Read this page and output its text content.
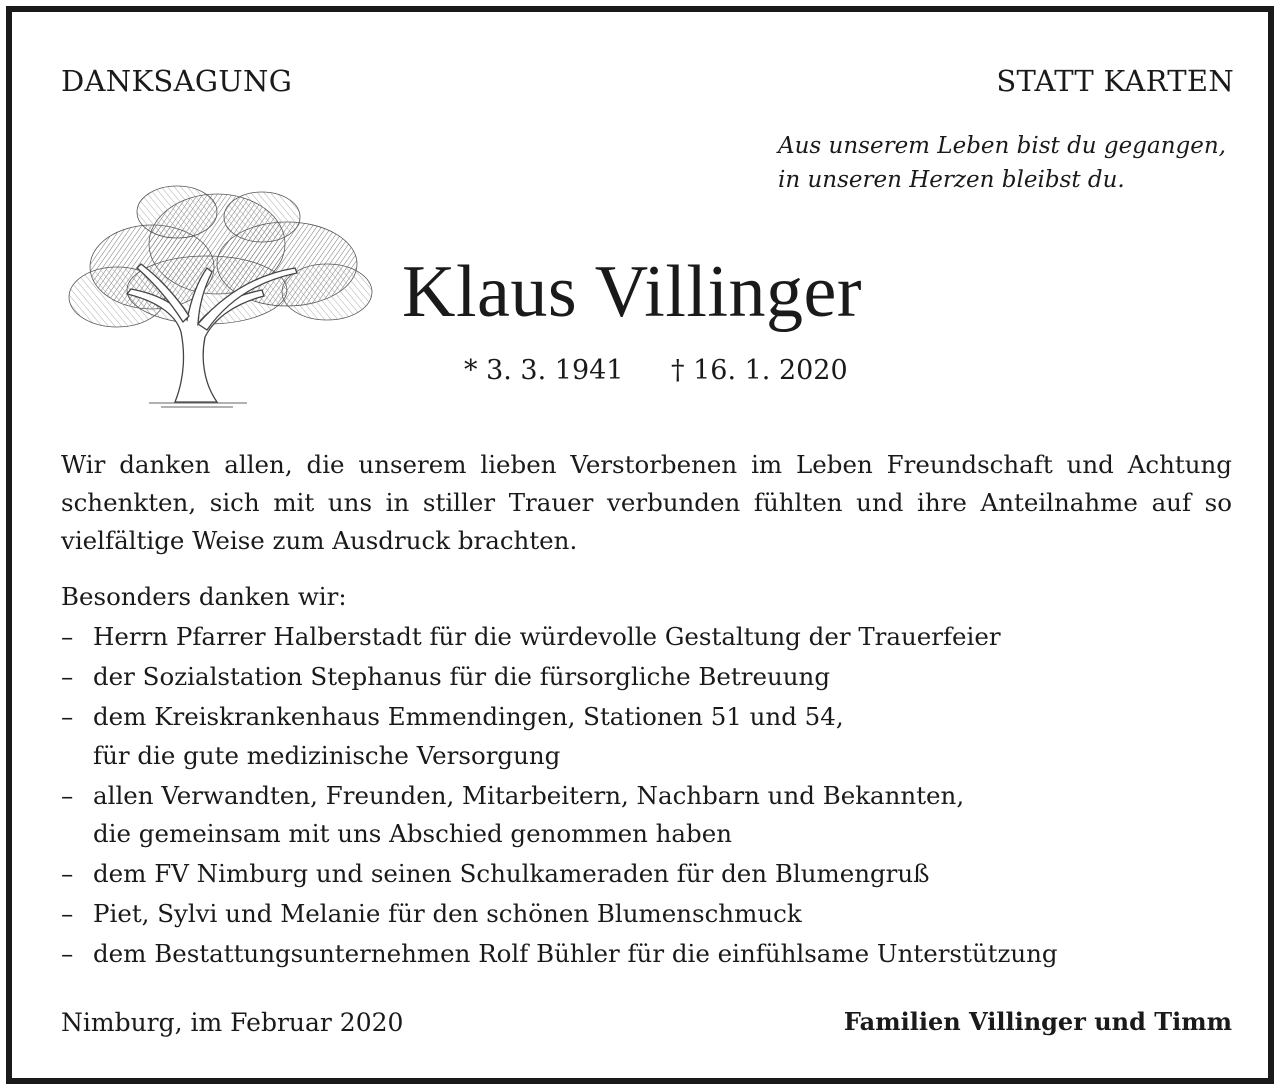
DANKSAGUNG	STATT KARTEN
Aus unserem Leben bist du gegangen,
in unseren Herzen bleibst du.
Klaus Villinger
* 3. 3. 1941 † 16. 1. 2020

Wir danken allen, die unserem lieben Verstorbenen im Leben Freundschaft und Achtung schenkten, sich mit uns in stiller Trauer verbunden fühlten und ihre Anteilnahme auf so vielfältige Weise zum Ausdruck brachten.

Besonders danken wir:
– Herrn Pfarrer Halberstadt für die würdevolle Gestaltung der Trauerfeier
– der Sozialstation Stephanus für die fürsorgliche Betreuung
– dem Kreiskrankenhaus Emmendingen, Stationen 51 und 54,
für die gute medizinische Versorgung
– allen Verwandten, Freunden, Mitarbeitern, Nachbarn und Bekannten,
die gemeinsam mit uns Abschied genommen haben
– dem FV Nimburg und seinen Schulkameraden für den Blumengruß
– Piet, Sylvi und Melanie für den schönen Blumenschmuck
– dem Bestattungsunternehmen Rolf Bühler für die einfühlsame Unterstützung
Nimburg, im Februar 2020	Familien Villinger und Timm
